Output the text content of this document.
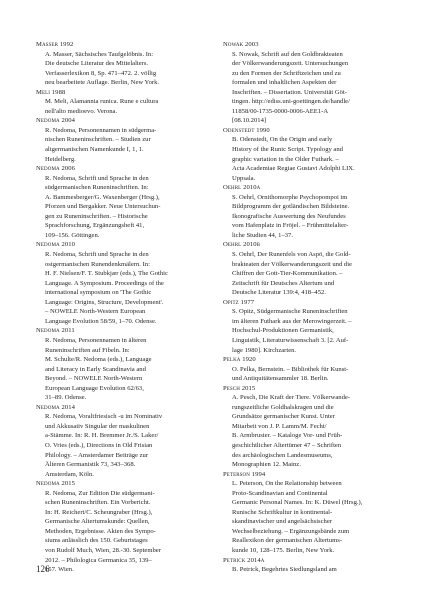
Masser 1992
A. Masser, Sächsisches Taufgelöbnis. In:
Die deutsche Literatur des Mittelalters.
Verfasserlexikon 8, Sp. 471–472. 2. völlig
neu bearbeitete Auflage. Berlin, New York.
Meli 1988
M. Meli, Alamannia runica. Rune e cultura
nell'alto medioevo. Verona.
Nedoma 2004
R. Nedoma, Personennamen in südgerma-
nischen Runeninschriften. – Studien zur
altgermanischen Namenkunde I, 1, 1.
Heidelberg.
Nedoma 2006
R. Nedoma, Schrift und Sprache in den
südgermanischen Runeninschriften. In:
A. Bammesberger/G. Waxenberger (Hrsg.),
Pforzen und Bergakker. Neue Untersuchun-
gen zu Runeninschriften. – Historische
Sprachforschung, Ergänzungsheft 41,
109–156. Göttingen.
Nedoma 2010
R. Nedoma, Schrift und Sprache in den
ostgermanischen Runendenkmälern. In:
H. F. Nielsen/F. T. Stubkjær (eds.), The Gothic
Language. A Symposium. Proceedings of the
international symposium on 'The Gothic
Language: Origins, Structure, Development'.
– NOWELE North-Western European
Language Evolution 58/59, 1–70. Odense.
Nedoma 2011
R. Nedoma, Personennamen in älteren
Runeninschriften auf Fibeln. In:
M. Schulte/R. Nedoma (eds.), Language
and Literacy in Early Scandinavia and
Beyond. – NOWELE North-Western
European Language Evolution 62/63,
31–89. Odense.
Nedoma 2014
R. Nedoma, Voraltfriesisch -u im Nominativ
und Akkusativ Singular der maskulinen
a-Stämme. In: R. H. Bremmer Jr./S. Laker/
O. Vries (eds.), Directions in Old Frisian
Philology. – Amsterdamer Beiträge zur
Älteren Germanistik 73, 343–368.
Amsterdam, Köln.
Nedoma 2015
R. Nedoma, Zur Edition Die südgermani-
schen Runeninschriften. Ein Vorbericht.
In: H. Reichert/C. Scheungraber (Hrsg.),
Germanische Altertumskunde: Quellen,
Methoden, Ergebnisse. Akten des Sympo-
siums anlässlich des 150. Geburtstages
von Rudolf Much, Wien, 28.-30. September
2012. – Philologica Germanica 35, 139–
157. Wien.
Nowak 2003
S. Nowak, Schrift auf den Goldbrakteaten
der Völkerwanderungszeit. Untersuchungen
zu den Formen der Schriftzeichen und zu
formalen und inhaltlichen Aspekten der
Inschriften. – Dissertation. Universität Göt-
tingen. http://ediss.uni-goettingen.de/handle/
11858/00-1735-0000-0006-AEE1-A
[08.10.2014]
Odenstedt 1990
B. Odenstedt, On the Origin and early
History of the Runic Script. Typology and
graphic variation in the Older Futhark. –
Acta Academiae Regiae Gustavi Adolphi LIX.
Uppsala.
Oehrl 2010a
S. Oehrl, Ornithomorphe Psychopompoi im
Bildprogramm der gotländischen Bildsteine.
Ikonografische Auswertung des Neufundes
vom Hafenplatz in Fröjel. – Frühmittelalter-
liche Studien 44, 1–37.
Oehrl 2010b
S. Oehrl, Der Runenfels von Aspö, die Gold-
brakteaten der Völkerwanderungszeit und die
Chiffren der Gott-Tier-Kommunikation. –
Zeitschrift für Deutsches Altertum und
Deutsche Literatur 139:4, 418–452.
Opitz 1977
S. Opitz, Südgermanische Runeninschriften
im älteren Futhark aus der Merowingerzeit. –
Hochschul-Produktionen Germanistik,
Linguistik, Literaturwissenschaft 3. [2. Auf-
lage 1980]. Kirchzarten.
Pelka 1920
O. Pelka, Bernstein. – Bibliothek für Kunst-
und Antiquitätensammler 18. Berlin.
Pesch 2015
A. Pesch, Die Kraft der Tiere. Völkerwande-
rungszeitliche Goldhalskragen und die
Grundsätze germanischer Kunst. Unter
Mitarbeit von J. P. Lamm/M. Fecht/
B. Armbruster. – Kataloge Vor- und Früh-
geschichtlicher Altertümer 47 – Schriften
des archäologischen Landesmuseums,
Monographien 12. Mainz.
Peterson 1994
L. Peterson, On the Relationship between
Proto-Scandinavian and Continental
Germanic Personal Names. In: K. Düwel (Hrsg.),
Runische Schriftkultur in kontinental-
skandinavischer und angelsächsischer
Wechselbeziehung. – Ergänzungsbände zum
Reallexikon der germanischen Altertums-
kunde 10, 128–175. Berlin, New York.
Petrick 2014a
B. Petrick, Begehrtes Siedlungsland am
126
